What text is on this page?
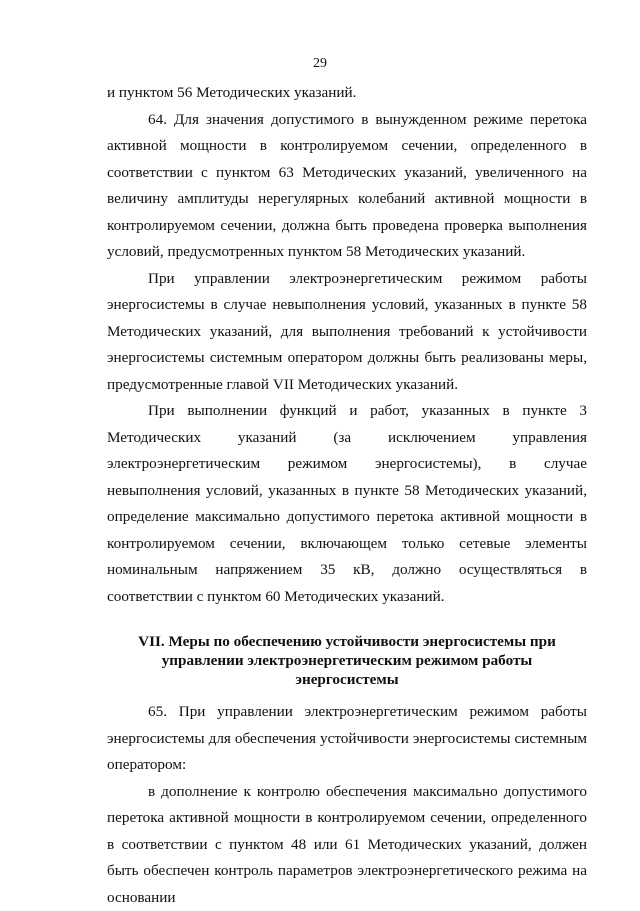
29

и пунктом 56 Методических указаний.

64. Для значения допустимого в вынужденном режиме перетока активной мощности в контролируемом сечении, определенного в соответствии с пунктом 63 Методических указаний, увеличенного на величину амплитуды нерегулярных колебаний активной мощности в контролируемом сечении, должна быть проведена проверка выполнения условий, предусмотренных пунктом 58 Методических указаний.

При управлении электроэнергетическим режимом работы энергосистемы в случае невыполнения условий, указанных в пункте 58 Методических указаний, для выполнения требований к устойчивости энергосистемы системным оператором должны быть реализованы меры, предусмотренные главой VII Методических указаний.

При выполнении функций и работ, указанных в пункте 3 Методических указаний (за исключением управления электроэнергетическим режимом энергосистемы), в случае невыполнения условий, указанных в пункте 58 Методических указаний, определение максимально допустимого перетока активной мощности в контролируемом сечении, включающем только сетевые элементы номинальным напряжением 35 кВ, должно осуществляться в соответствии с пунктом 60 Методических указаний.

VII. Меры по обеспечению устойчивости энергосистемы при
управлении электроэнергетическим режимом работы
энергосистемы

65. При управлении электроэнергетическим режимом работы энергосистемы для обеспечения устойчивости энергосистемы системным оператором:

в дополнение к контролю обеспечения максимально допустимого перетока активной мощности в контролируемом сечении, определенного в соответствии с пунктом 48 или 61 Методических указаний, должен быть обеспечен контроль параметров электроэнергетического режима на основании
